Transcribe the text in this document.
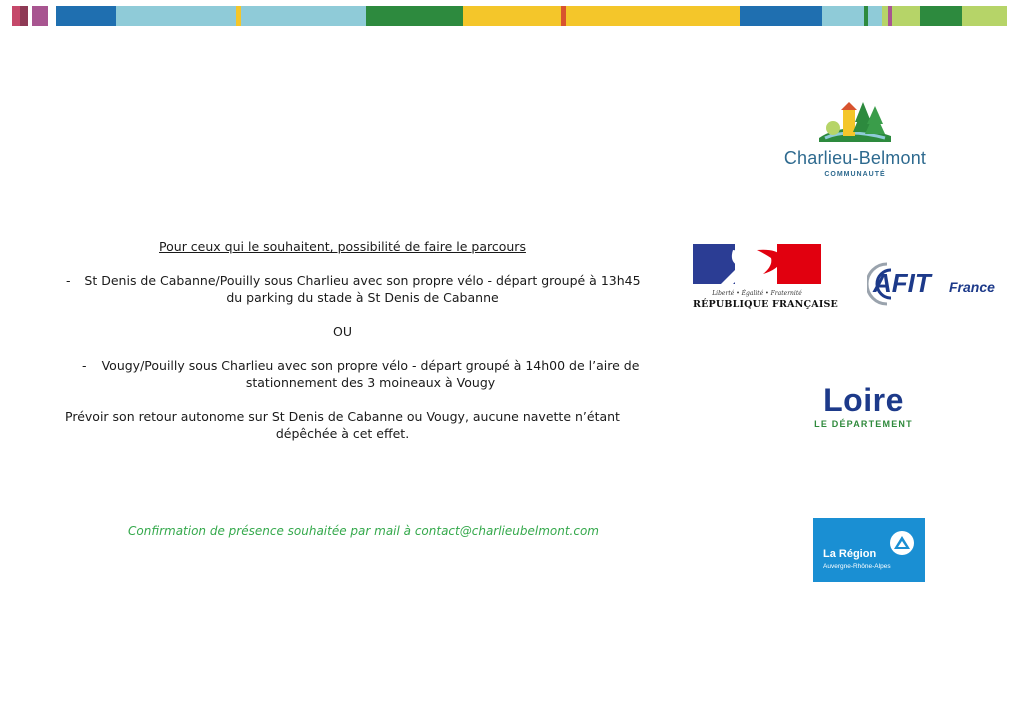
Charlieu-Belmont
COMMUNAUTÉ

Pour ceux qui le souhaitent, possibilité de faire le parcours

- St Denis de Cabanne/Pouilly sous Charlieu avec son propre vélo - départ groupé à 13h45 du parking du stade à St Denis de Cabanne

OU

- Vougy/Pouilly sous Charlieu avec son propre vélo - départ groupé à 14h00 de l’aire de stationnement des 3 moineaux à Vougy

Prévoir son retour autonome sur St Denis de Cabanne ou Vougy, aucune navette n’étant dépêchée à cet effet.

Confirmation de présence souhaitée par mail à contact@charlieubelmont.com
Liberté • Égalité • Fraternité
RÉPUBLIQUE FRANÇAISE
AFIT France
Loire
LE DÉPARTEMENT
La Région
Auvergne-Rhône-Alpes
